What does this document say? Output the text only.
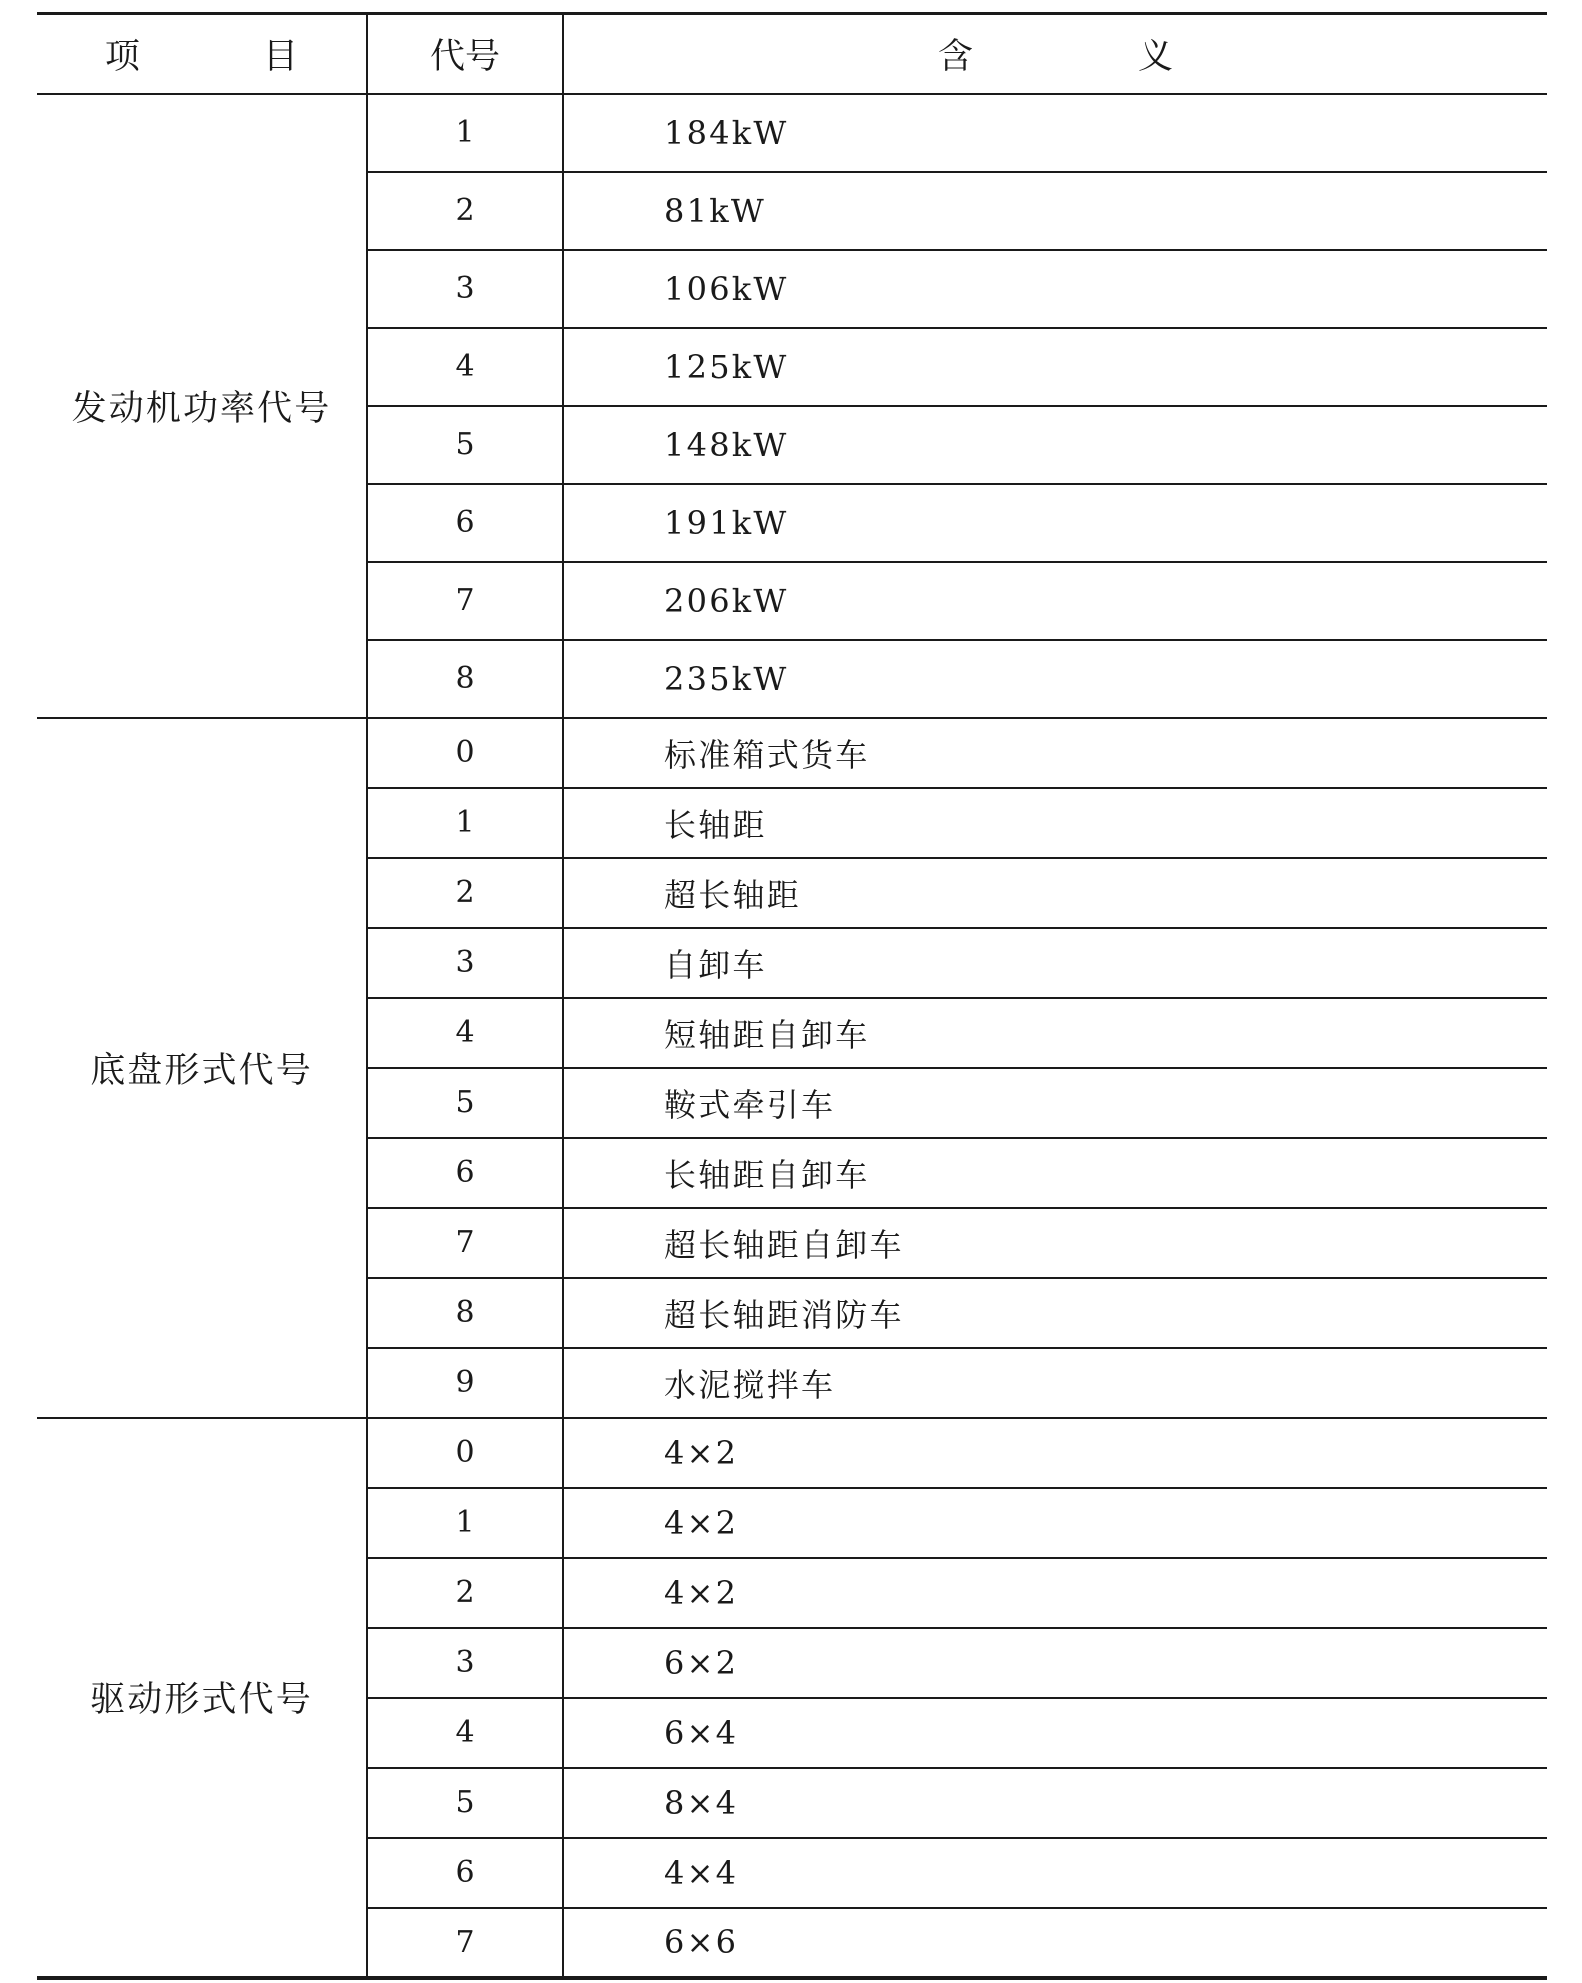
项 目	代号	含 义
发动机功率代号	1	184kW
	2	81kW
	3	106kW
	4	125kW
	5	148kW
	6	191kW
	7	206kW
	8	235kW
底盘形式代号	0	标准箱式货车
	1	长轴距
	2	超长轴距
	3	自卸车
	4	短轴距自卸车
	5	鞍式牵引车
	6	长轴距自卸车
	7	超长轴距自卸车
	8	超长轴距消防车
	9	水泥搅拌车
驱动形式代号	0	4×2
	1	4×2
	2	4×2
	3	6×2
	4	6×4
	5	8×4
	6	4×4
	7	6×6
